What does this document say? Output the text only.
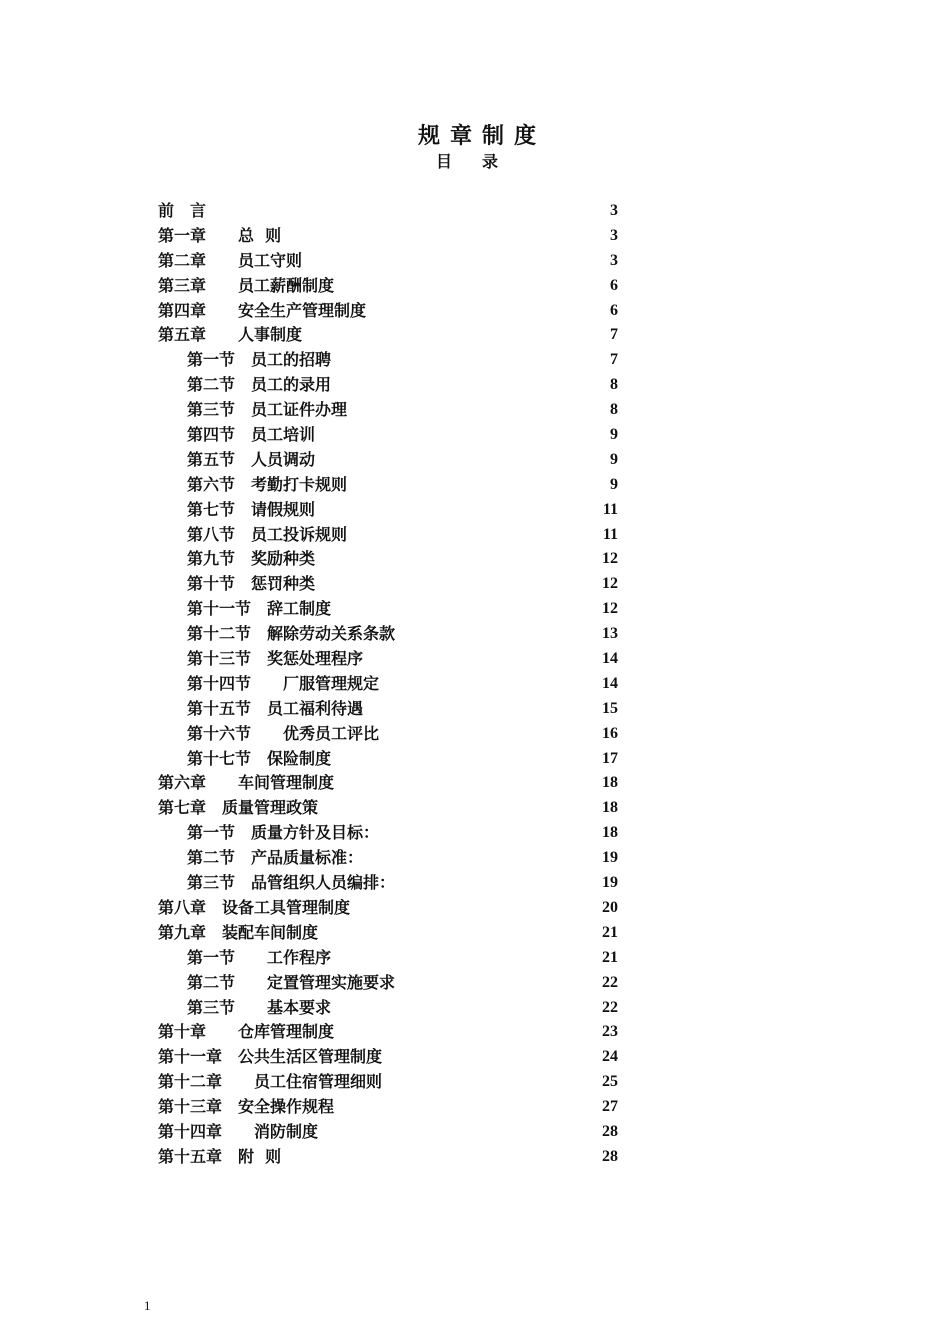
规章制度
目录
前　言	3
第一章　　总  则	3
第二章　　员工守则	3
第三章　　员工薪酬制度	6
第四章　　安全生产管理制度	6
第五章　　人事制度	7
第一节　员工的招聘	7
第二节　员工的录用	8
第三节　员工证件办理	8
第四节　员工培训	9
第五节　人员调动	9
第六节　考勤打卡规则	9
第七节　请假规则	11
第八节　员工投诉规则	11
第九节　奖励种类	12
第十节　惩罚种类	12
第十一节　辞工制度	12
第十二节　解除劳动关系条款	13
第十三节　奖惩处理程序	14
第十四节　　厂服管理规定	14
第十五节　员工福利待遇	15
第十六节　　优秀员工评比	16
第十七节　保险制度	17
第六章　　车间管理制度	18
第七章　质量管理政策	18
第一节　质量方针及目标：	18
第二节　产品质量标准：	19
第三节　品管组织人员编排：	19
第八章　设备工具管理制度	20
第九章　装配车间制度	21
第一节　　工作程序	21
第二节　　定置管理实施要求	22
第三节　　基本要求	22
第十章　　仓库管理制度	23
第十一章　公共生活区管理制度	24
第十二章　　员工住宿管理细则	25
第十三章　安全操作规程	27
第十四章　　消防制度	28
第十五章　附  则	28
1
